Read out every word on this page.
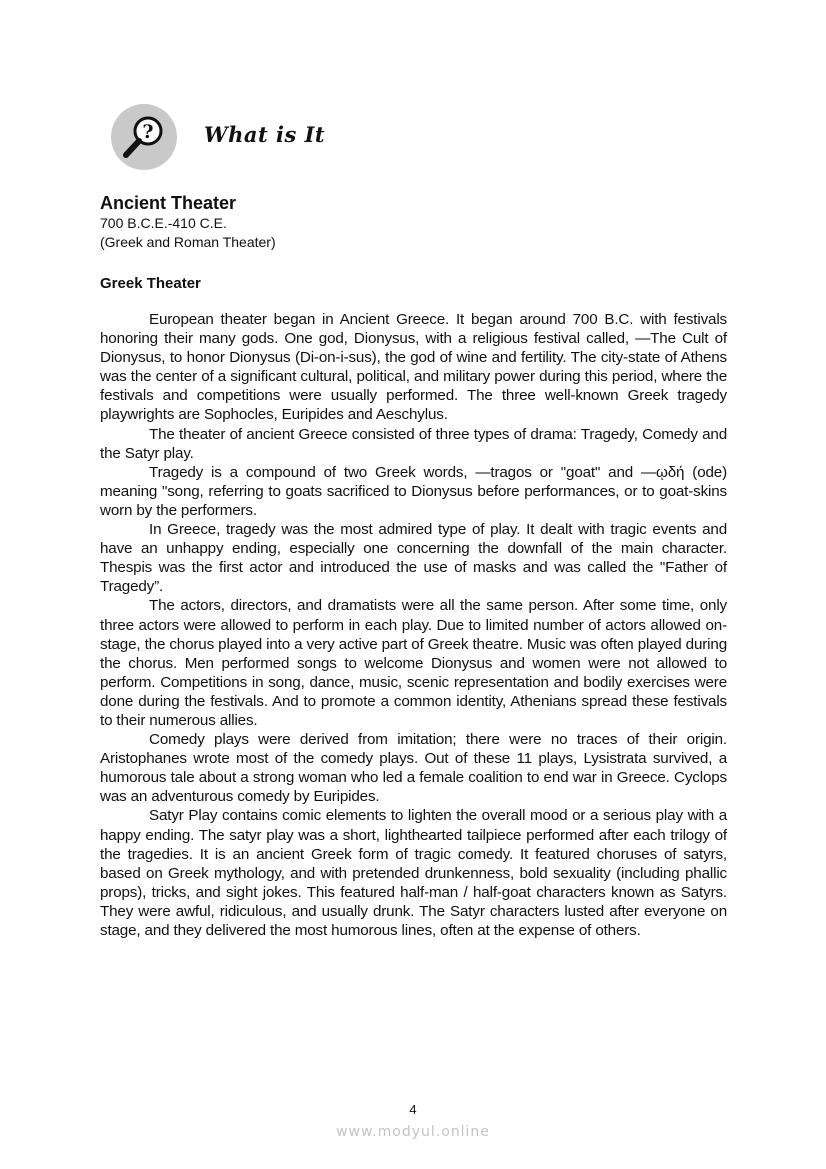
? What is It
Ancient Theater

700 B.C.E.-410 C.E.

(Greek and Roman Theater)

Greek Theater

European theater began in Ancient Greece. It began around 700 B.C. with festivals honoring their many gods. One god, Dionysus, with a religious festival called, —The Cult of Dionysus, to honor Dionysus (Di-on-i-sus), the god of wine and fertility. The city-state of Athens was the center of a significant cultural, political, and military power during this period, where the festivals and competitions were usually performed. The three well-known Greek tragedy playwrights are Sophocles, Euripides and Aeschylus.

The theater of ancient Greece consisted of three types of drama: Tragedy, Comedy and the Satyr play.

Tragedy is a compound of two Greek words, —tragos or "goat" and —ῳδή (ode) meaning "song, referring to goats sacrificed to Dionysus before performances, or to goat-skins worn by the performers.

In Greece, tragedy was the most admired type of play. It dealt with tragic events and have an unhappy ending, especially one concerning the downfall of the main character. Thespis was the first actor and introduced the use of masks and was called the "Father of Tragedy”.

The actors, directors, and dramatists were all the same person. After some time, only three actors were allowed to perform in each play. Due to limited number of actors allowed on-stage, the chorus played into a very active part of Greek theatre. Music was often played during the chorus. Men performed songs to welcome Dionysus and women were not allowed to perform. Competitions in song, dance, music, scenic representation and bodily exercises were done during the festivals. And to promote a common identity, Athenians spread these festivals to their numerous allies.

Comedy plays were derived from imitation; there were no traces of their origin. Aristophanes wrote most of the comedy plays. Out of these 11 plays, Lysistrata survived, a humorous tale about a strong woman who led a female coalition to end war in Greece. Cyclops was an adventurous comedy by Euripides.

Satyr Play contains comic elements to lighten the overall mood or a serious play with a happy ending. The satyr play was a short, lighthearted tailpiece performed after each trilogy of the tragedies. It is an ancient Greek form of tragic comedy. It featured choruses of satyrs, based on Greek mythology, and with pretended drunkenness, bold sexuality (including phallic props), tricks, and sight jokes. This featured half-man / half-goat characters known as Satyrs. They were awful, ridiculous, and usually drunk. The Satyr characters lusted after everyone on stage, and they delivered the most humorous lines, often at the expense of others.

4
www.modyul.online
